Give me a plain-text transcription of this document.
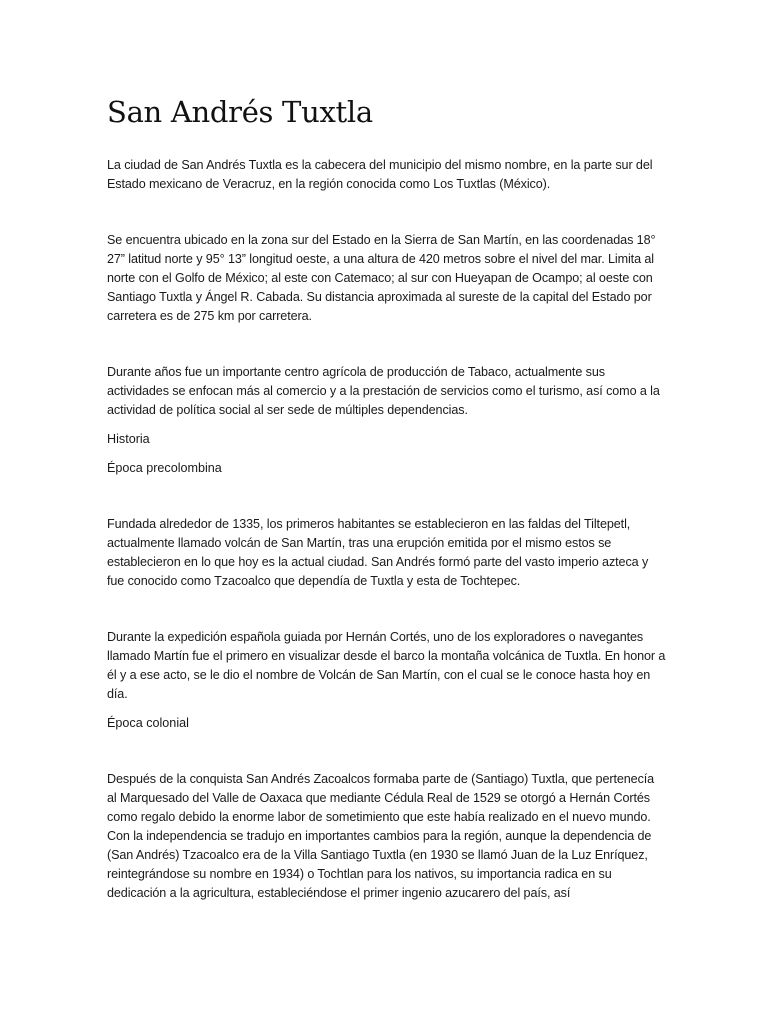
San Andrés Tuxtla

La ciudad de San Andrés Tuxtla es la cabecera del municipio del mismo nombre, en la parte sur del Estado mexicano de Veracruz, en la región conocida como Los Tuxtlas (México).

Se encuentra ubicado en la zona sur del Estado en la Sierra de San Martín, en las coordenadas 18° 27” latitud norte y 95° 13” longitud oeste, a una altura de 420 metros sobre el nivel del mar. Limita al norte con el Golfo de México; al este con Catemaco; al sur con Hueyapan de Ocampo; al oeste con Santiago Tuxtla y Ángel R. Cabada. Su distancia aproximada al sureste de la capital del Estado por carretera es de 275 km por carretera.

Durante años fue un importante centro agrícola de producción de Tabaco, actualmente sus actividades se enfocan más al comercio y a la prestación de servicios como el turismo, así como a la actividad de política social al ser sede de múltiples dependencias.

Historia

Época precolombina

Fundada alrededor de 1335, los primeros habitantes se establecieron en las faldas del Tiltepetl, actualmente llamado volcán de San Martín, tras una erupción emitida por el mismo estos se establecieron en lo que hoy es la actual ciudad. San Andrés formó parte del vasto imperio azteca y fue conocido como Tzacoalco que dependía de Tuxtla y esta de Tochtepec.

Durante la expedición española guiada por Hernán Cortés, uno de los exploradores o navegantes llamado Martín fue el primero en visualizar desde el barco la montaña volcánica de Tuxtla. En honor a él y a ese acto, se le dio el nombre de Volcán de San Martín, con el cual se le conoce hasta hoy en día.

Época colonial

Después de la conquista San Andrés Zacoalcos formaba parte de (Santiago) Tuxtla, que pertenecía al Marquesado del Valle de Oaxaca que mediante Cédula Real de 1529 se otorgó a Hernán Cortés como regalo debido la enorme labor de sometimiento que este había realizado en el nuevo mundo. Con la independencia se tradujo en importantes cambios para la región, aunque la dependencia de (San Andrés) Tzacoalco era de la Villa Santiago Tuxtla (en 1930 se llamó Juan de la Luz Enríquez, reintegrándose su nombre en 1934) o Tochtlan para los nativos, su importancia radica en su dedicación a la agricultura, estableciéndose el primer ingenio azucarero del país, así
